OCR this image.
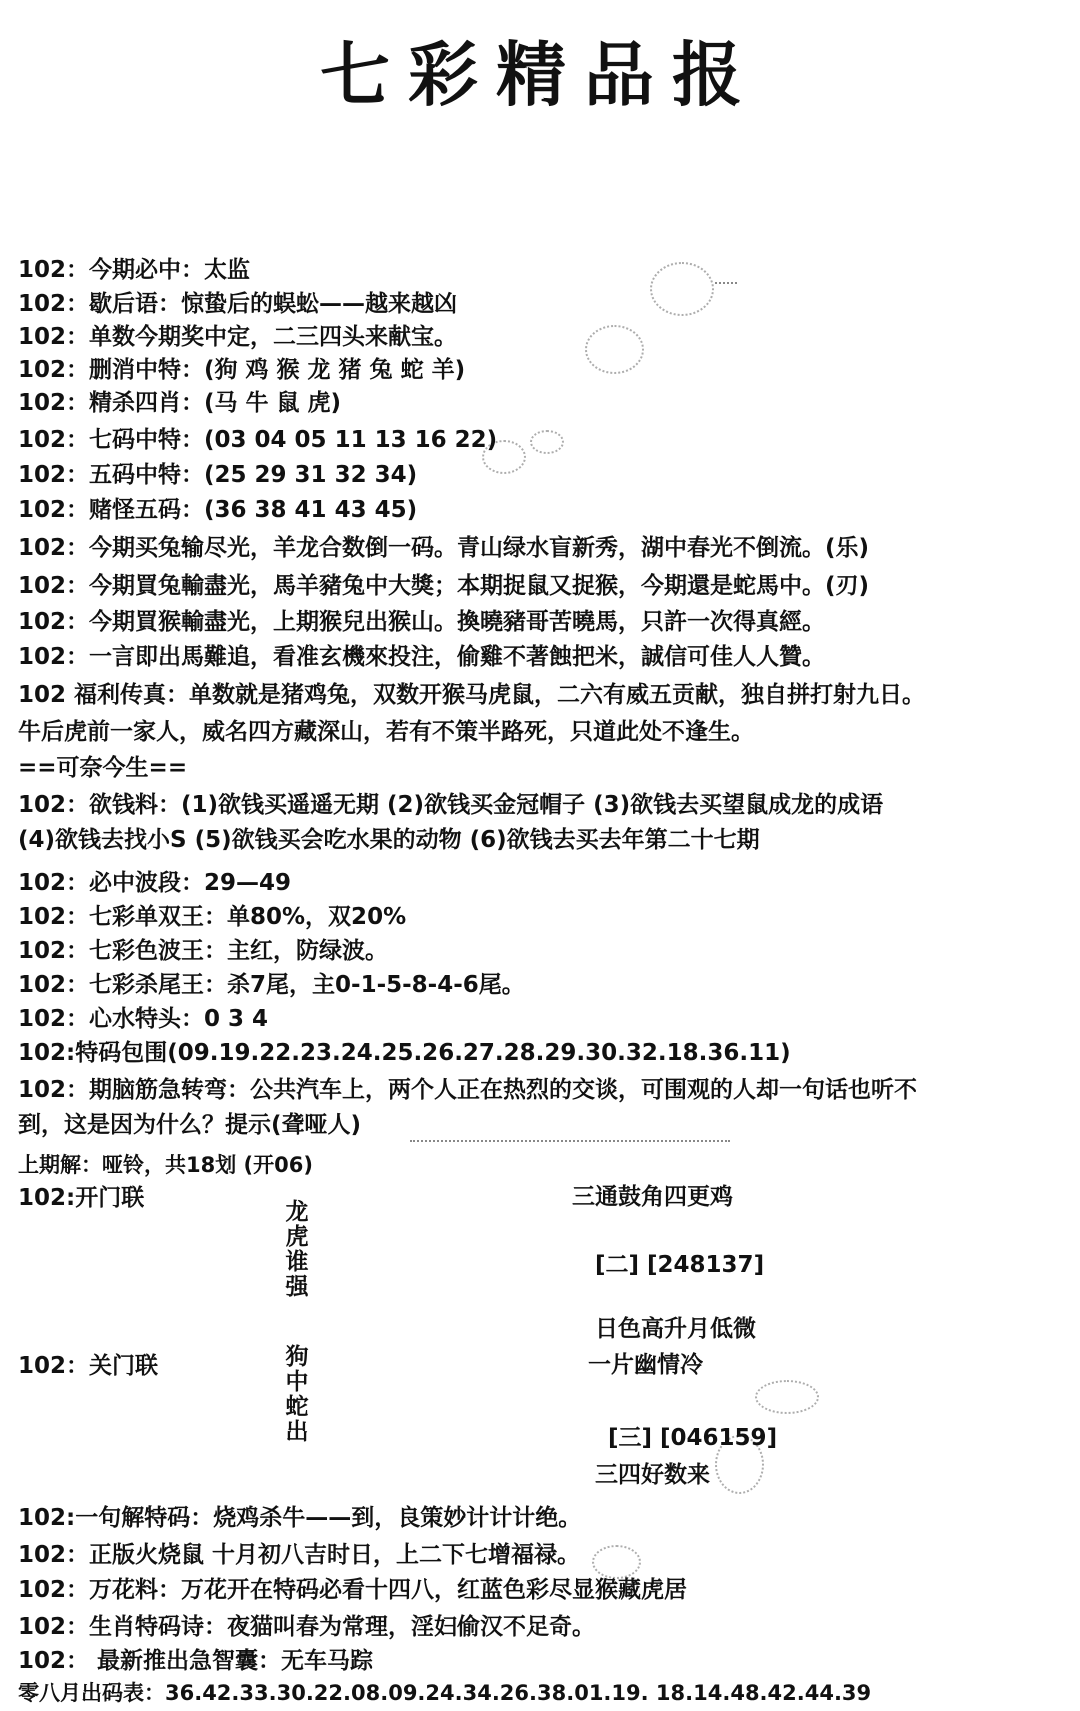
七彩精品报
102：今期必中：太监
102：歇后语：惊蛰后的蜈蚣——越来越凶
102：单数今期奖中定，二三四头来献宝。
102：删消中特：(狗 鸡 猴 龙 猪 兔 蛇 羊)
102：精杀四肖：(马 牛 鼠 虎)
102：七码中特：(03 04 05 11 13 16 22)
102：五码中特：(25 29 31 32 34)
102：赌怪五码：(36 38 41 43 45)
102：今期买兔输尽光，羊龙合数倒一码。青山绿水盲新秀，湖中春光不倒流。(乐)
102：今期買兔輸盡光，馬羊豬兔中大獎；本期捉鼠又捉猴，今期還是蛇馬中。(刃)
102：今期買猴輸盡光，上期猴兒出猴山。換曉豬哥苦曉馬，只許一次得真經。
102：一言即出馬難追，看准玄機來投注，偷雞不著蝕把米，誠信可佳人人贊。
102 福利传真：单数就是猪鸡兔，双数开猴马虎鼠，二六有威五贡献，独自拼打射九日。
牛后虎前一家人，威名四方藏深山，若有不策半路死，只道此处不逢生。
==可奈今生==
102：欲钱料：(1)欲钱买遥遥无期 (2)欲钱买金冠帽子 (3)欲钱去买望鼠成龙的成语
(4)欲钱去找小S (5)欲钱买会吃水果的动物 (6)欲钱去买去年第二十七期
102：必中波段：29—49
102：七彩单双王：单80%，双20%
102：七彩色波王：主红，防绿波。
102：七彩杀尾王：杀7尾，主0-1-5-8-4-6尾。
102：心水特头：0 3 4
102:特码包围(09.19.22.23.24.25.26.27.28.29.30.32.18.36.11)
102：期脑筋急转弯：公共汽车上，两个人正在热烈的交谈，可围观的人却一句话也听不
到，这是因为什么？提示(聋哑人)
上期解：哑铃，共18划 (开06)
102:开门联
龙虎谁强
三通鼓角四更鸡
[二] [248137]
日色高升月低微
102：关门联	狗中蛇出
一片幽情冷
[三] [046159]
三四好数来
102:一句解特码：烧鸡杀牛——到，良策妙计计计绝。
102：正版火烧鼠 十月初八吉时日，上二下七增福禄。
102：万花料：万花开在特码必看十四八，红蓝色彩尽显猴藏虎居
102：生肖特码诗：夜猫叫春为常理，淫妇偷汉不足奇。
102： 最新推出急智囊：无车马踪
零八月出码表：36.42.33.30.22.08.09.24.34.26.38.01.19. 18.14.48.42.44.39
